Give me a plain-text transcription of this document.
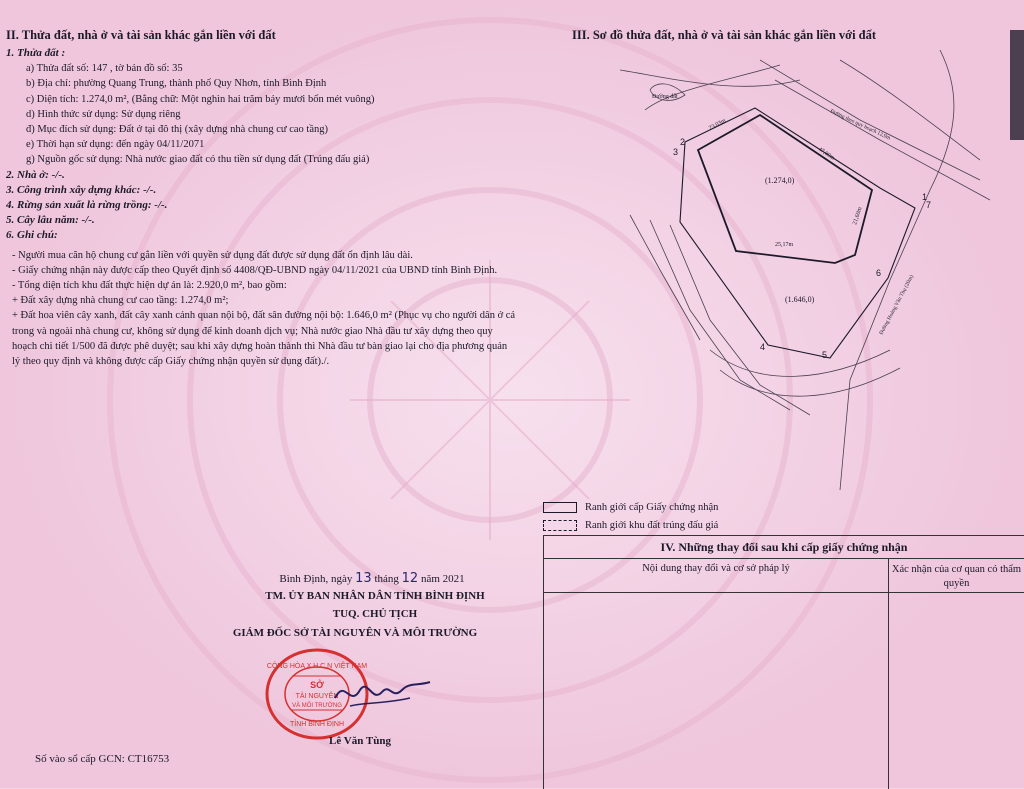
II. Thửa đất, nhà ở và tài sản khác gắn liền với đất
1. Thửa đất :
a) Thửa đất số: 147 , tờ bản đồ số: 35
b) Địa chỉ: phường Quang Trung, thành phố Quy Nhơn, tỉnh Bình Định
c) Diện tích: 1.274,0 m², (Bằng chữ: Một nghìn hai trăm bảy mươi bốn mét vuông)
d) Hình thức sử dụng: Sử dụng riêng
đ) Mục đích sử dụng: Đất ở tại đô thị (xây dựng nhà chung cư cao tầng)
e) Thời hạn sử dụng: đến ngày 04/11/2071
g) Nguồn gốc sử dụng: Nhà nước giao đất có thu tiền sử dụng đất (Trúng đấu giá)
2. Nhà ở: -/-.
3. Công trình xây dựng khác: -/-.
4. Rừng sản xuất là rừng trồng: -/-.
5. Cây lâu năm: -/-.
6. Ghi chú:
- Người mua căn hộ chung cư gắn liền với quyền sử dụng đất được sử dụng đất ổn định lâu dài.
- Giấy chứng nhận này được cấp theo Quyết định số 4408/QĐ-UBND ngày 04/11/2021 của UBND tỉnh Bình Định.
- Tổng diện tích khu đất thực hiện dự án là: 2.920,0 m², bao gồm:
+ Đất xây dựng nhà chung cư cao tầng: 1.274,0 m²;
+ Đất hoa viên cây xanh, đất cây xanh cảnh quan nội bộ, đất sân đường nội bộ: 1.646,0 m² (Phục vụ cho người dân ở cả trong và ngoài nhà chung cư, không sử dụng để kinh doanh dịch vụ; Nhà nước giao Nhà đầu tư xây dựng theo quy hoạch chi tiết 1/500 đã được phê duyệt; sau khi xây dựng hoàn thành thì Nhà đầu tư bàn giao lại cho địa phương quản lý theo quy định và không được cấp Giấy chứng nhận quyền sử dụng đất)./.
Bình Định, ngày 13 tháng 12 năm 2021
TM. ỦY BAN NHÂN DÂN TỈNH BÌNH ĐỊNH
TUQ. CHỦ TỊCH
GIÁM ĐỐC SỞ TÀI NGUYÊN VÀ MÔI TRƯỜNG
CỘNG HÒA X.H.C.N VIỆT NAM
TỈNH BÌNH ĐỊNH
SỞ
TÀI NGUYÊN
VÀ MÔI TRƯỜNG
Lê Văn Tùng
Số vào sổ cấp GCN: CT16753
III. Sơ đồ thửa đất, nhà ở và tài sản khác gắn liền với đất
(1.274,0)
(1.646,0)
1
2
3
4
5
6
7
47,00m
23,03m
25,17m
21,60m
Đường đất
Đường Hoàng Văn Thụ (20m)
Đường theo quy hoạch 12,0m
Ranh giới cấp Giấy chứng nhận
Ranh giới khu đất trúng đấu giá
IV. Những thay đổi sau khi cấp giấy chứng nhận
Nội dung thay đổi và cơ sở pháp lý	Xác nhận của cơ quan có thẩm quyền
